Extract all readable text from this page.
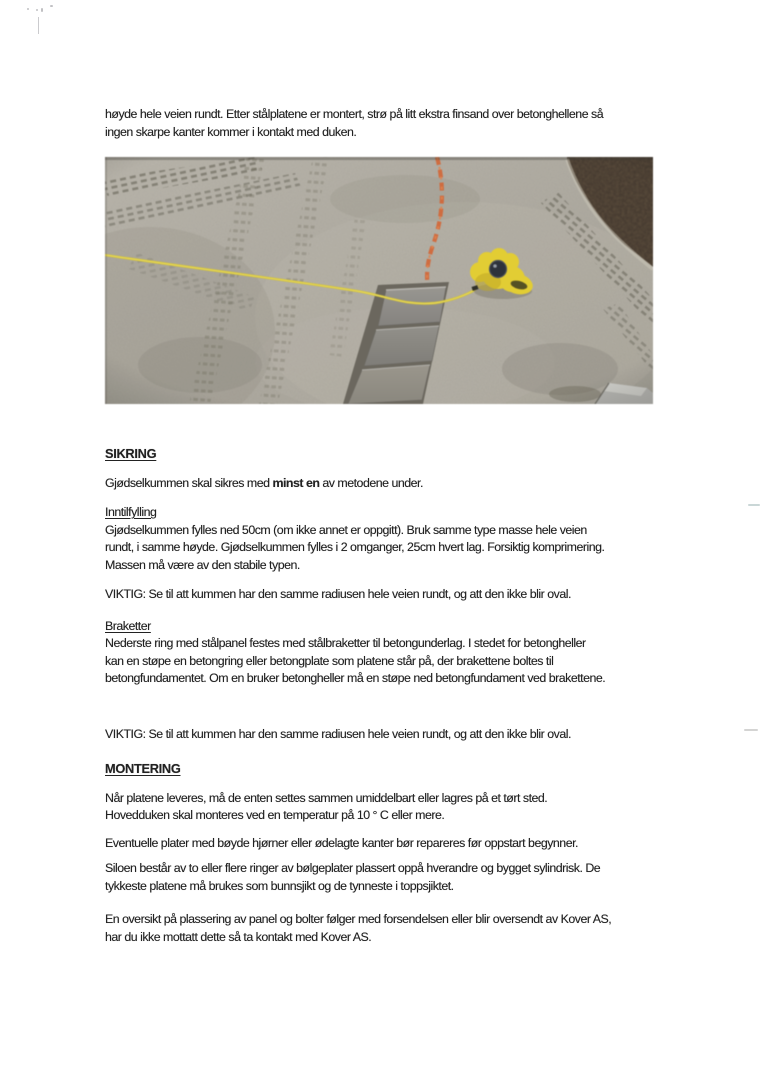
høyde hele veien rundt. Etter stålplatene er montert, strø på litt ekstra finsand over betonghellene så
ingen skarpe kanter kommer i kontakt med duken.
SIKRING
Gjødselkummen skal sikres med minst en av metodene under.
Inntilfylling
Gjødselkummen fylles ned 50cm (om ikke annet er oppgitt). Bruk samme type masse hele veien
rundt, i samme høyde. Gjødselkummen fylles i 2 omganger, 25cm hvert lag. Forsiktig komprimering.
Massen må være av den stabile typen.
VIKTIG: Se til att kummen har den samme radiusen hele veien rundt, og att den ikke blir oval.
Braketter
Nederste ring med stålpanel festes med stålbraketter til betongunderlag. I stedet for betongheller
kan en støpe en betongring eller betongplate som platene står på, der brakettene boltes til
betongfundamentet. Om en bruker betongheller må en støpe ned betongfundament ved brakettene.
VIKTIG: Se til att kummen har den samme radiusen hele veien rundt, og att den ikke blir oval.
MONTERING
Når platene leveres, må de enten settes sammen umiddelbart eller lagres på et tørt sted.
Hovedduken skal monteres ved en temperatur på 10 ° C eller mere.
Eventuelle plater med bøyde hjørner eller ødelagte kanter bør repareres før oppstart begynner.
Siloen består av to eller flere ringer av bølgeplater plassert oppå hverandre og bygget sylindrisk. De
tykkeste platene må brukes som bunnsjikt og de tynneste i toppsjiktet.
En oversikt på plassering av panel og bolter følger med forsendelsen eller blir oversendt av Kover AS,
har du ikke mottatt dette så ta kontakt med Kover AS.
